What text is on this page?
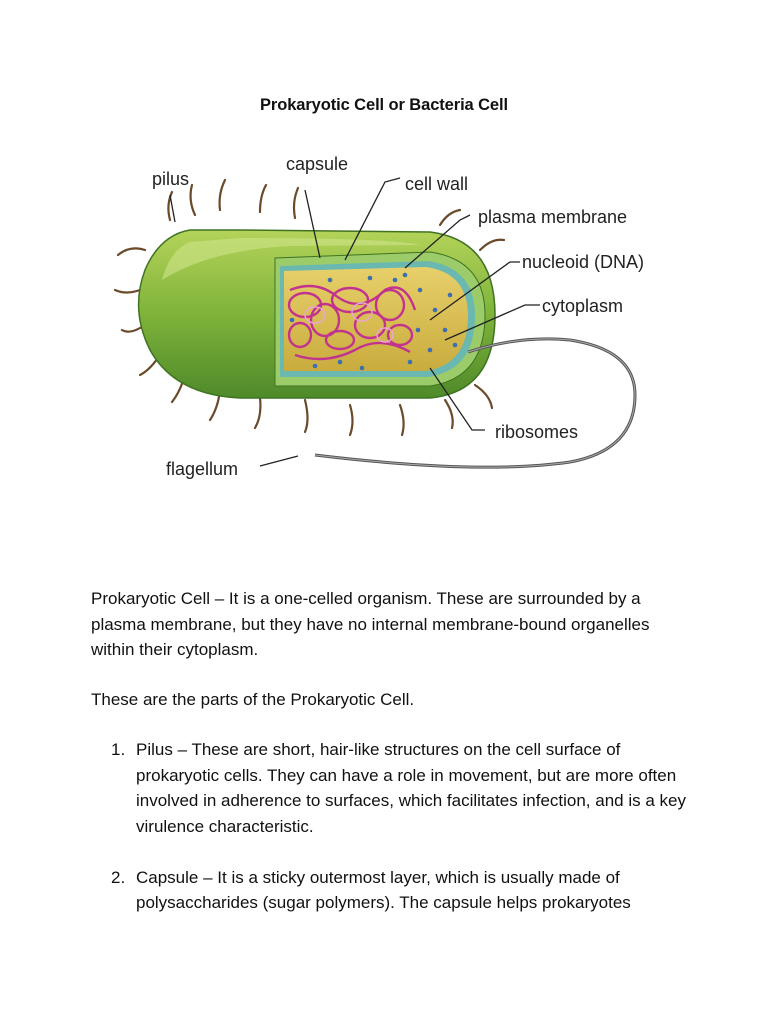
Prokaryotic Cell or Bacteria Cell
pilus
capsule
cell wall
plasma membrane
nucleoid (DNA)
cytoplasm
ribosomes
flagellum

Prokaryotic Cell – It is a one-celled organism. These are surrounded by a plasma membrane, but they have no internal membrane-bound organelles within their cytoplasm.

These are the parts of the Prokaryotic Cell.

1. Pilus – These are short, hair-like structures on the cell surface of prokaryotic cells. They can have a role in movement, but are more often involved in adherence to surfaces, which facilitates infection, and is a key virulence characteristic.
2. Capsule – It is a sticky outermost layer, which is usually made of polysaccharides (sugar polymers). The capsule helps prokaryotes
